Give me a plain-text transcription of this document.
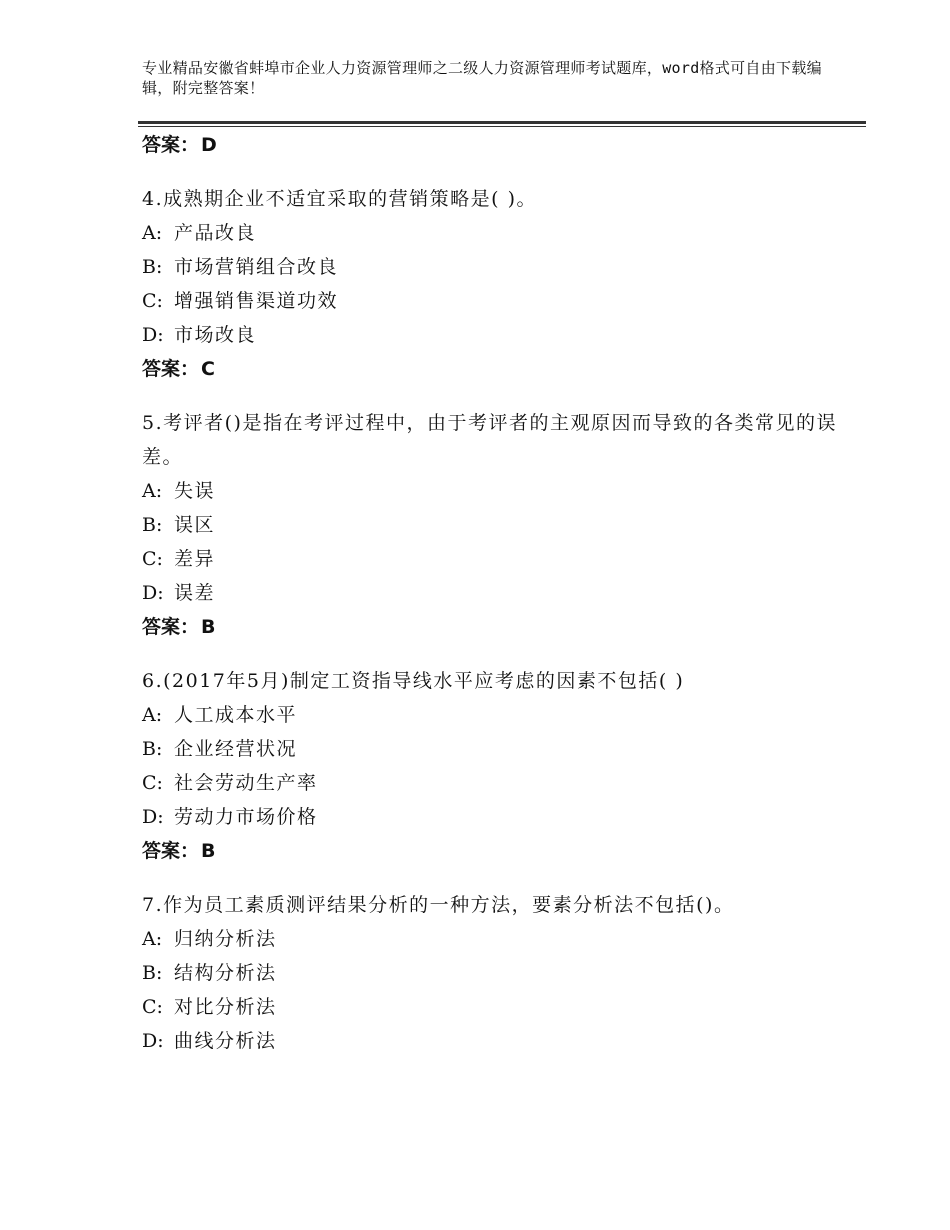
专业精品安徽省蚌埠市企业人力资源管理师之二级人力资源管理师考试题库，word格式可自由下载编辑，附完整答案！
答案： D
4.成熟期企业不适宜采取的营销策略是( )。
A: 产品改良
B: 市场营销组合改良
C: 增强销售渠道功效
D: 市场改良
答案： C
5.考评者()是指在考评过程中，由于考评者的主观原因而导致的各类常见的误差。
A: 失误
B: 误区
C: 差异
D: 误差
答案： B
6.(2017年5月)制定工资指导线水平应考虑的因素不包括( )
A: 人工成本水平
B: 企业经营状况
C: 社会劳动生产率
D: 劳动力市场价格
答案： B
7.作为员工素质测评结果分析的一种方法，要素分析法不包括()。
A: 归纳分析法
B: 结构分析法
C: 对比分析法
D: 曲线分析法
